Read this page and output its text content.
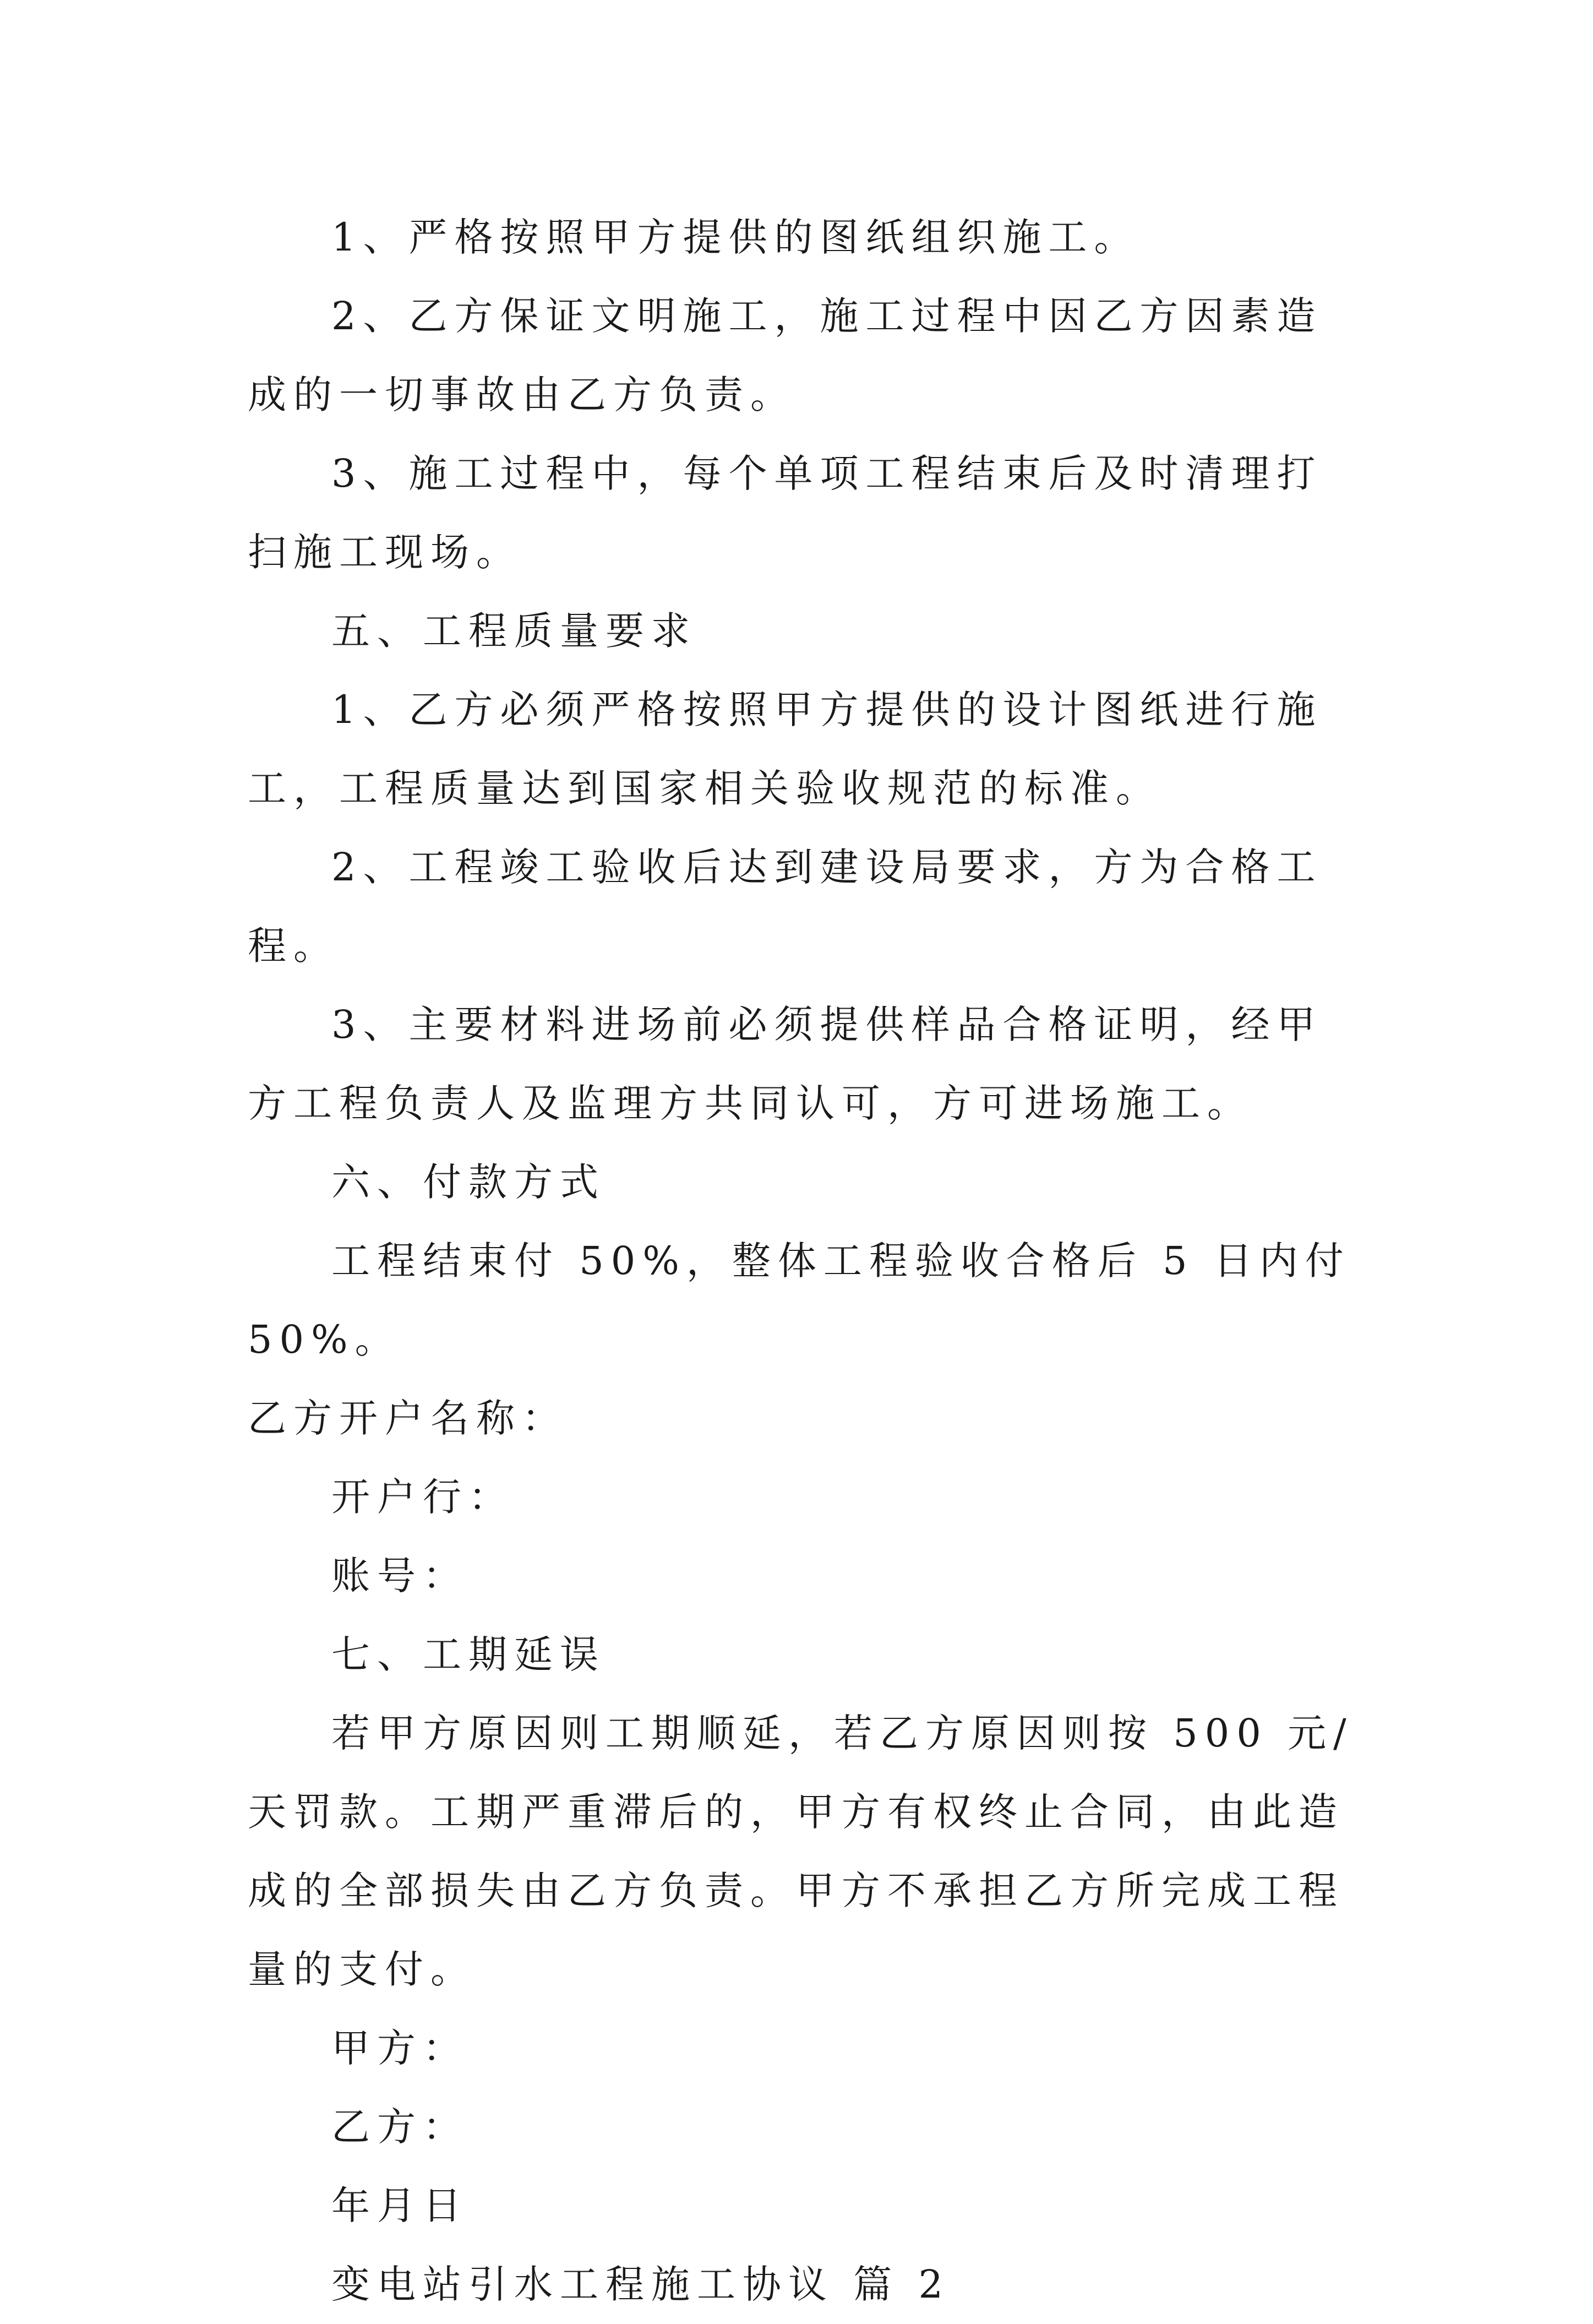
1、严格按照甲方提供的图纸组织施工。

2、乙方保证文明施工，施工过程中因乙方因素造成的一切事故由乙方负责。

3、施工过程中，每个单项工程结束后及时清理打扫施工现场。

五、工程质量要求

1、乙方必须严格按照甲方提供的设计图纸进行施工，工程质量达到国家相关验收规范的标准。

2、工程竣工验收后达到建设局要求，方为合格工程。

3、主要材料进场前必须提供样品合格证明，经甲方工程负责人及监理方共同认可，方可进场施工。

六、付款方式

工程结束付 50%，整体工程验收合格后 5 日内付 50%。

乙方开户名称：

开户行：

账号：

七、工期延误

若甲方原因则工期顺延，若乙方原因则按 500 元/天罚款。工期严重滞后的，甲方有权终止合同，由此造成的全部损失由乙方负责。甲方不承担乙方所完成工程量的支付。

甲方：

乙方：

年月日

变电站引水工程施工协议 篇 2
